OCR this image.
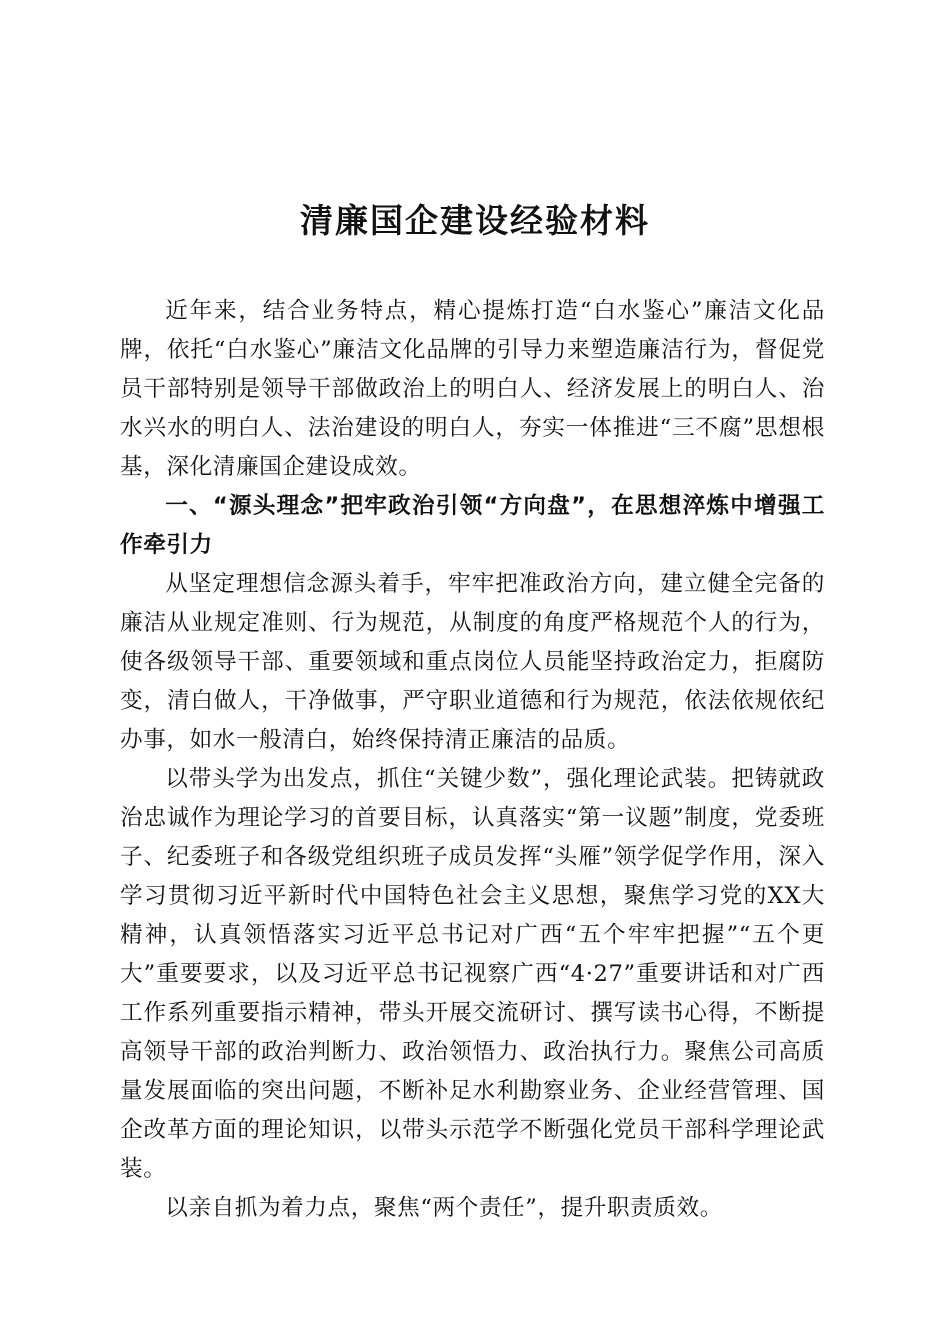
清廉国企建设经验材料

近年来，结合业务特点，精心提炼打造“白水鉴心”廉洁文化品牌，依托“白水鉴心”廉洁文化品牌的引导力来塑造廉洁行为，督促党员干部特别是领导干部做政治上的明白人、经济发展上的明白人、治水兴水的明白人、法治建设的明白人，夯实一体推进“三不腐”思想根基，深化清廉国企建设成效。

一、“源头理念”把牢政治引领“方向盘”，在思想淬炼中增强工作牵引力

从坚定理想信念源头着手，牢牢把准政治方向，建立健全完备的廉洁从业规定准则、行为规范，从制度的角度严格规范个人的行为，使各级领导干部、重要领域和重点岗位人员能坚持政治定力，拒腐防变，清白做人，干净做事，严守职业道德和行为规范，依法依规依纪办事，如水一般清白，始终保持清正廉洁的品质。

以带头学为出发点，抓住“关键少数”，强化理论武装。把铸就政治忠诚作为理论学习的首要目标，认真落实“第一议题”制度，党委班子、纪委班子和各级党组织班子成员发挥“头雁”领学促学作用，深入学习贯彻习近平新时代中国特色社会主义思想，聚焦学习党的XX大精神，认真领悟落实习近平总书记对广西“五个牢牢把握”“五个更大”重要要求，以及习近平总书记视察广西“4·27”重要讲话和对广西工作系列重要指示精神，带头开展交流研讨、撰写读书心得，不断提高领导干部的政治判断力、政治领悟力、政治执行力。聚焦公司高质量发展面临的突出问题，不断补足水利勘察业务、企业经营管理、国企改革方面的理论知识，以带头示范学不断强化党员干部科学理论武装。

以亲自抓为着力点，聚焦“两个责任”，提升职责质效。
